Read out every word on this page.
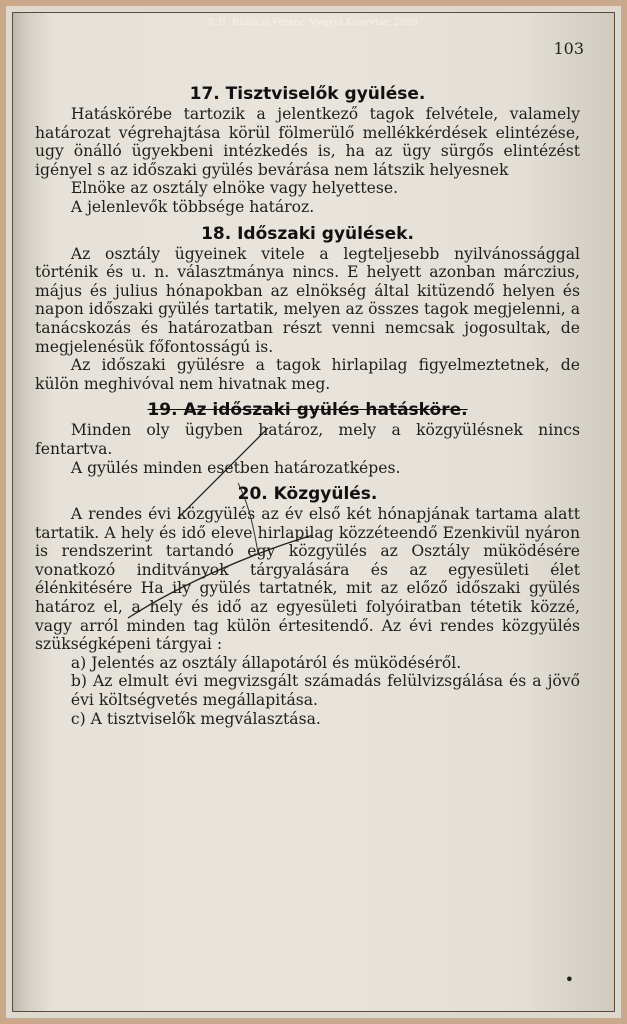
© II. Rákóczi Ferenc Megyei Könyvtár, 2009.
103
17. Tisztviselők gyülése.

Hatáskörébe tartozik a jelentkező tagok felvétele, valamely határozat végrehajtása körül fölmerülő mellékkérdések elintézése, ugy önálló ügyekbeni intézkedés is, ha az ügy sürgős elintézést igényel s az időszaki gyülés bevárása nem látszik helyesnek

Elnöke az osztály elnöke vagy helyettese.

A jelenlevők többsége határoz.

18. Időszaki gyülések.

Az osztály ügyeinek vitele a legteljesebb nyilvánossággal történik és u. n. választmánya nincs. E helyett azonban márczius, május és julius hónapokban az elnökség által kitüzendő helyen és napon időszaki gyülés tartatik, melyen az összes tagok megjelenni, a tanácskozás és határozatban részt venni nemcsak jogosultak, de megjelenésük főfontosságú is.

Az időszaki gyülésre a tagok hirlapilag figyelmeztetnek, de külön meghivóval nem hivatnak meg.

19. Az időszaki gyülés hatásköre.

Minden oly ügyben határoz, mely a közgyülésnek nincs fentartva.

A gyülés minden esetben határozatképes.

20. Közgyülés.

A rendes évi közgyülés az év első két hónapjának tartama alatt tartatik. A hely és idő eleve hirlapilag közzéteendő Ezenkivül nyáron is rendszerint tartandó egy közgyülés az Osztály müködésére vonatkozó inditványok tárgyalására és az egyesületi élet élénkitésére Ha ily gyülés tartatnék, mit az előző időszaki gyülés határoz el, a hely és idő az egyesületi folyóiratban tétetik közzé, vagy arról minden tag külön értesitendő. Az évi rendes közgyülés szükségképeni tárgyai :

a) Jelentés az osztály állapotáról és müködéséről.

b) Az elmult évi megvizsgált számadás felülvizsgálása és a jövő évi költségvetés megállapitása.

c) A tisztviselők megválasztása.

•
